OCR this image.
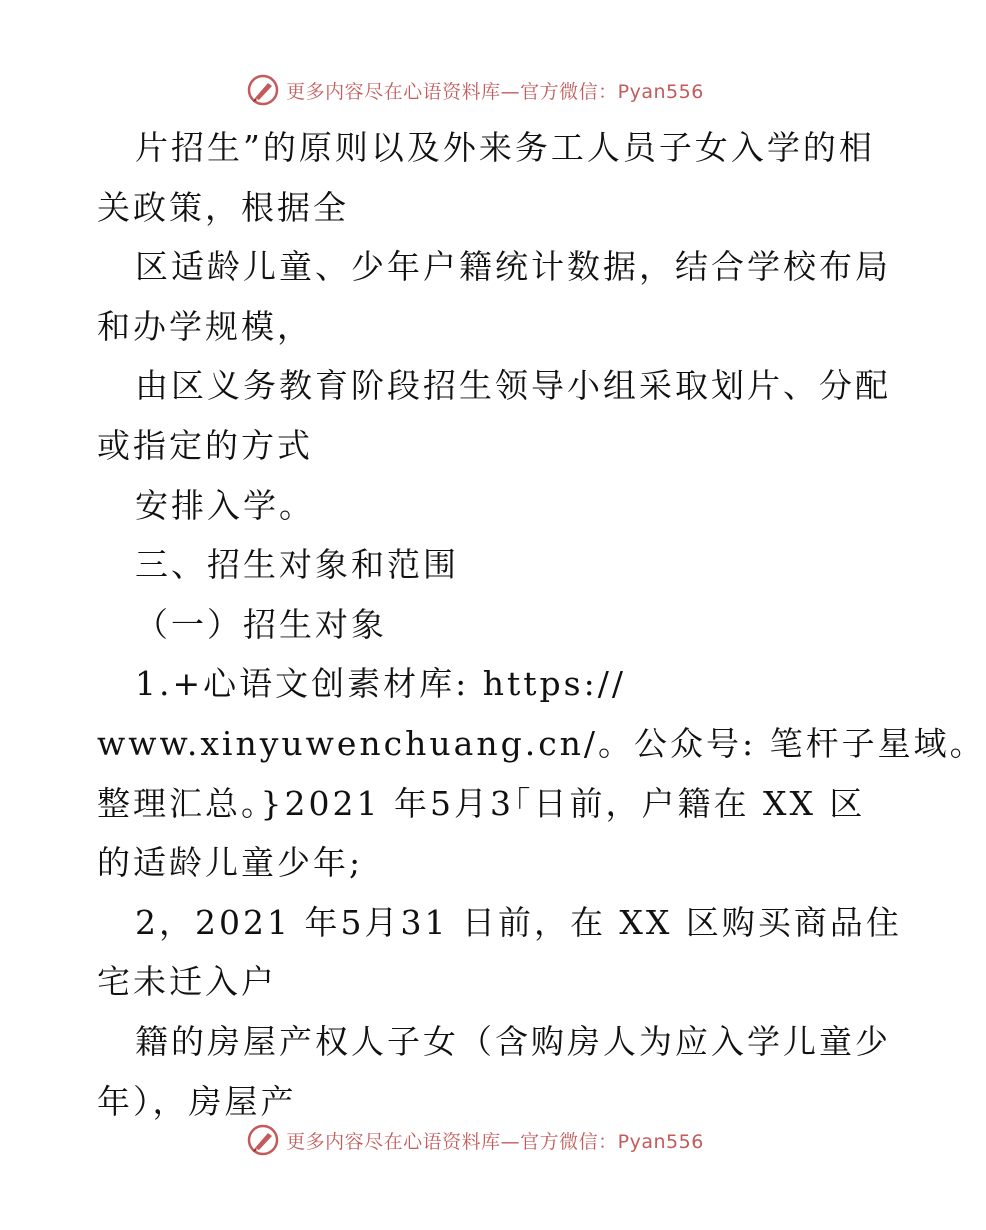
更多内容尽在心语资料库—官方微信：Pyan556
片招生”的原则以及外来务工人员子女入学的相
关政策，根据全
区适龄儿童、少年户籍统计数据，结合学校布局
和办学规模，
由区义务教育阶段招生领导小组采取划片、分配
或指定的方式
安排入学。
三、招生对象和范围
（一）招生对象
1.+心语文创素材库: https://
www.xinyuwenchuang.cn/。公众号: 笔杆子星域。
整理汇总。}2021 年5月3｢日前，户籍在 XX 区
的适龄儿童少年;
2，2021 年5月31 日前，在 XX 区购买商品住
宅未迁入户
籍的房屋产权人子女（含购房人为应入学儿童少
年），房屋产
更多内容尽在心语资料库—官方微信：Pyan556
